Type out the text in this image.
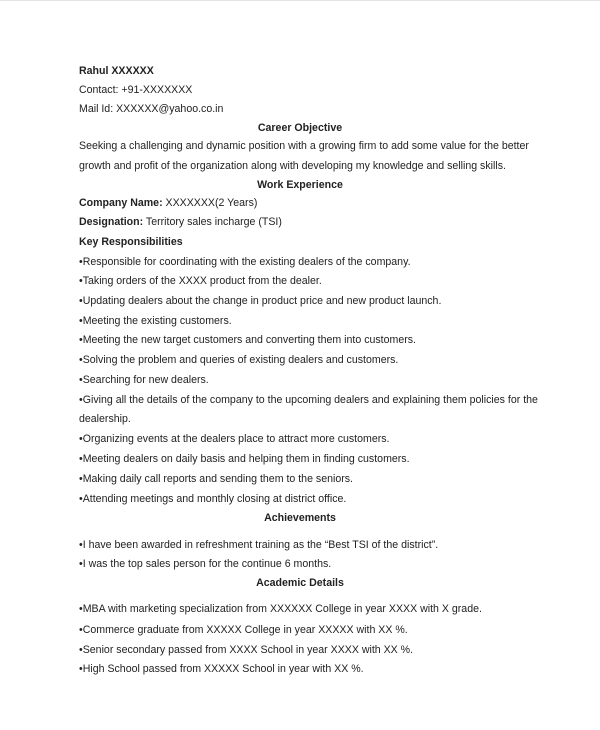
Rahul XXXXXX
Contact: +91-XXXXXXX
Mail Id: XXXXXX@yahoo.co.in
Career Objective
Seeking a challenging and dynamic position with a growing firm to add some value for the better
growth and profit of the organization along with developing my knowledge and selling skills.
Work Experience
Company Name: XXXXXXX(2 Years)
Designation: Territory sales incharge (TSI)
Key Responsibilities
•Responsible for coordinating with the existing dealers of the company.
•Taking orders of the XXXX product from the dealer.
•Updating dealers about the change in product price and new product launch.
•Meeting the existing customers.
•Meeting the new target customers and converting them into customers.
•Solving the problem and queries of existing dealers and customers.
•Searching for new dealers.
•Giving all the details of the company to the upcoming dealers and explaining them policies for the
dealership.
•Organizing events at the dealers place to attract more customers.
•Meeting dealers on daily basis and helping them in finding customers.
•Making daily call reports and sending them to the seniors.
•Attending meetings and monthly closing at district office.
Achievements
•I have been awarded in refreshment training as the “Best TSI of the district”.
•I was the top sales person for the continue 6 months.
Academic Details
•MBA with marketing specialization from XXXXXX College in year XXXX with X grade.
•Commerce graduate from XXXXX College in year XXXXX with XX %.
•Senior secondary passed from XXXX School in year XXXX with XX %.
•High School passed from XXXXX School in year with XX %.
